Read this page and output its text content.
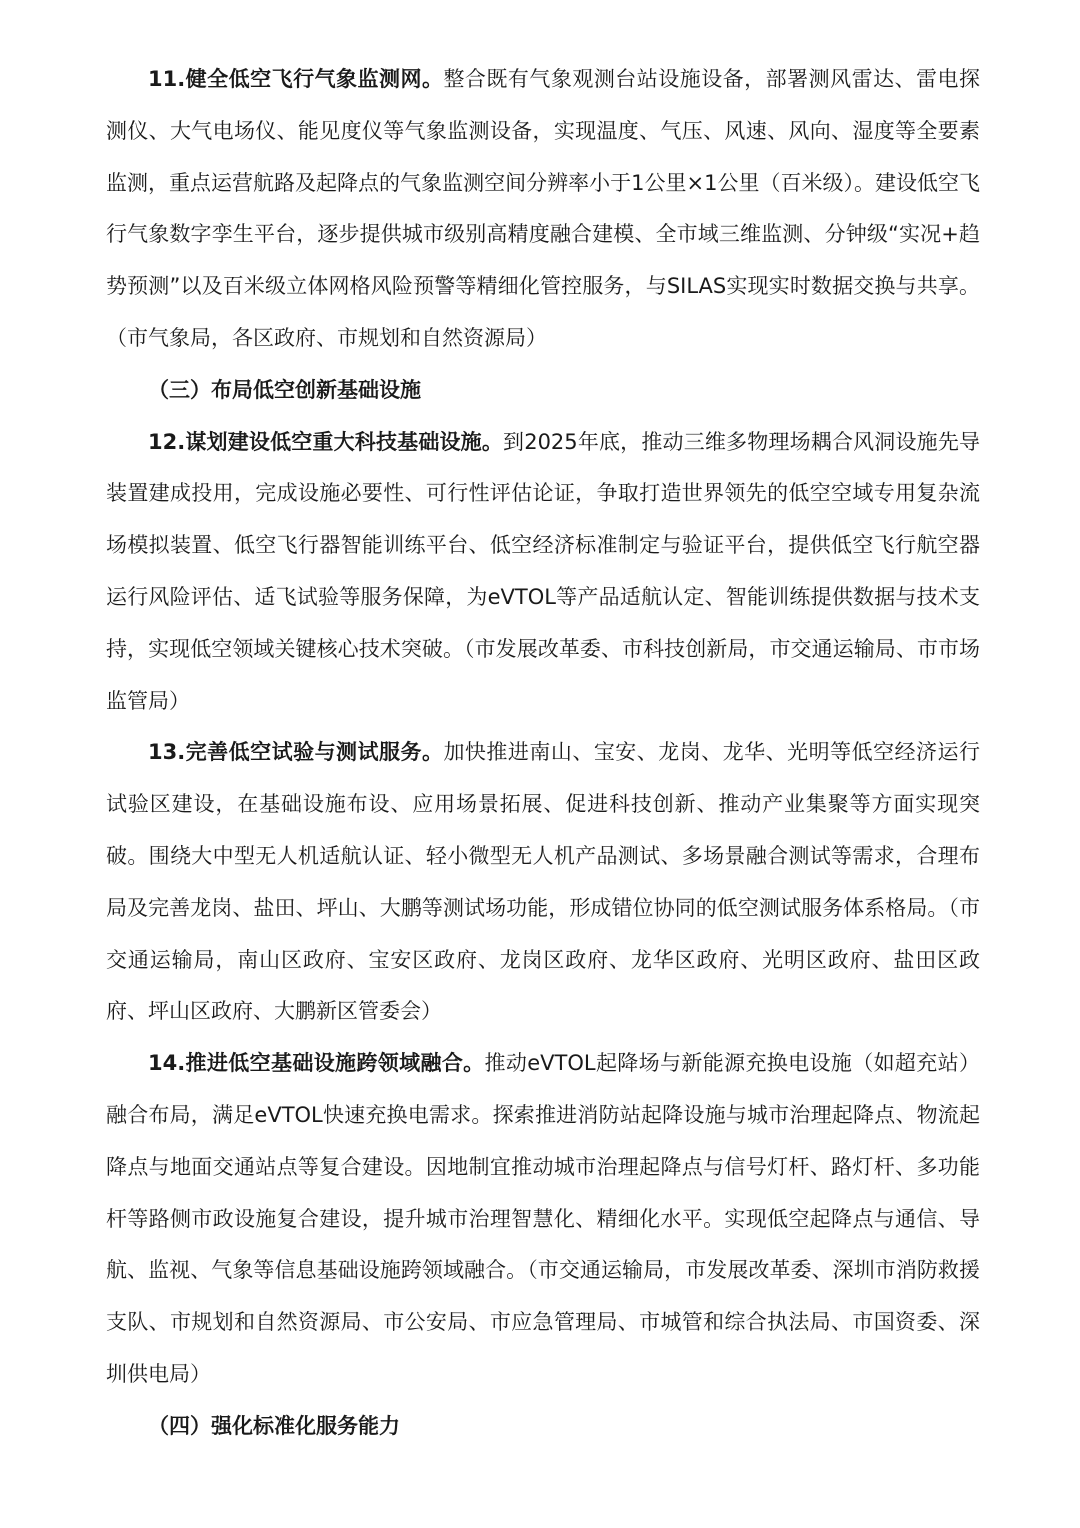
11.健全低空飞行气象监测网。整合既有气象观测台站设施设备，部署测风雷达、雷电探测仪、大气电场仪、能见度仪等气象监测设备，实现温度、气压、风速、风向、湿度等全要素监测，重点运营航路及起降点的气象监测空间分辨率小于1公里×1公里（百米级）。建设低空飞行气象数字孪生平台，逐步提供城市级别高精度融合建模、全市域三维监测、分钟级“实况+趋势预测”以及百米级立体网格风险预警等精细化管控服务，与SILAS实现实时数据交换与共享。（市气象局，各区政府、市规划和自然资源局）

（三）布局低空创新基础设施

12.谋划建设低空重大科技基础设施。到2025年底，推动三维多物理场耦合风洞设施先导装置建成投用，完成设施必要性、可行性评估论证，争取打造世界领先的低空空域专用复杂流场模拟装置、低空飞行器智能训练平台、低空经济标准制定与验证平台，提供低空飞行航空器运行风险评估、适飞试验等服务保障，为eVTOL等产品适航认定、智能训练提供数据与技术支持，实现低空领域关键核心技术突破。（市发展改革委、市科技创新局，市交通运输局、市市场监管局）

13.完善低空试验与测试服务。加快推进南山、宝安、龙岗、龙华、光明等低空经济运行试验区建设，在基础设施布设、应用场景拓展、促进科技创新、推动产业集聚等方面实现突破。围绕大中型无人机适航认证、轻小微型无人机产品测试、多场景融合测试等需求，合理布局及完善龙岗、盐田、坪山、大鹏等测试场功能，形成错位协同的低空测试服务体系格局。（市交通运输局，南山区政府、宝安区政府、龙岗区政府、龙华区政府、光明区政府、盐田区政府、坪山区政府、大鹏新区管委会）

14.推进低空基础设施跨领域融合。推动eVTOL起降场与新能源充换电设施（如超充站）融合布局，满足eVTOL快速充换电需求。探索推进消防站起降设施与城市治理起降点、物流起降点与地面交通站点等复合建设。因地制宜推动城市治理起降点与信号灯杆、路灯杆、多功能杆等路侧市政设施复合建设，提升城市治理智慧化、精细化水平。实现低空起降点与通信、导航、监视、气象等信息基础设施跨领域融合。（市交通运输局，市发展改革委、深圳市消防救援支队、市规划和自然资源局、市公安局、市应急管理局、市城管和综合执法局、市国资委、深圳供电局）

（四）强化标准化服务能力
